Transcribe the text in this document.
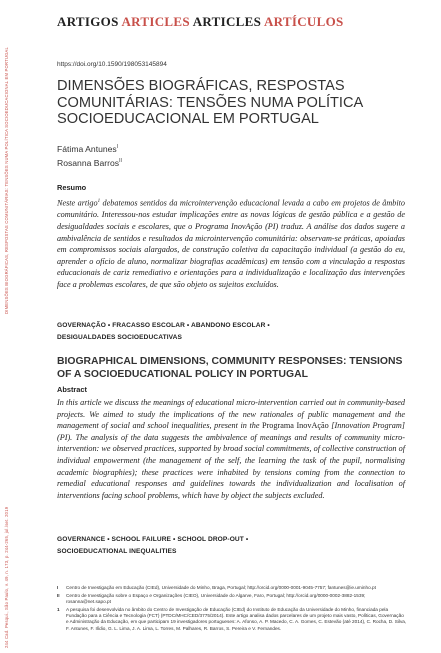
DIMENSÕES BIOGRÁFICAS, RESPOSTAS COMUNITÁRIAS: TENSÕES NUMA POLÍTICA SOCIOEDUCACIONAL EM PORTUGAL
244 Cad. Pesqui., São Paulo, v. 49, n. 173, p. 244-265, jul./set. 2019
ARTIGOS ARTICLES ARTICLES ARTÍCULOS
https://doi.org/10.1590/198053145894
DIMENSÕES BIOGRÁFICAS, RESPOSTAS COMUNITÁRIAS: TENSÕES NUMA POLÍTICA SOCIOEDUCACIONAL EM PORTUGAL
Fátima Antunes$^I$
Rosanna Barros$^{II}$
Resumo

Neste artigo$^1$ debatemos sentidos da microintervenção educacional levada a cabo em projetos de âmbito comunitário. Interessou-nos estudar implicações entre as novas lógicas de gestão pública e a gestão de desigualdades sociais e escolares, que o Programa InovAção (PI) traduz. A análise dos dados sugere a ambivalência de sentidos e resultados da microintervenção comunitária: observam-se práticas, apoiadas em compromissos sociais alargados, de construção coletiva da capacitação individual (a gestão do eu, aprender o ofício de aluno, normalizar biografias acadêmicas) em tensão com a vinculação a respostas educacionais de cariz remediativo e orientações para a individualização e localização das intervenções face a problemas escolares, de que são objeto os sujeitos excluídos.

GOVERNAÇÃO • FRACASSO ESCOLAR • ABANDONO ESCOLAR •
DESIGUALDADES SOCIOEDUCATIVAS
BIOGRAPHICAL DIMENSIONS, COMMUNITY RESPONSES: TENSIONS OF A SOCIOEDUCATIONAL POLICY IN PORTUGAL
Abstract

In this article we discuss the meanings of educational micro-intervention carried out in community-based projects. We aimed to study the implications of the new rationales of public management and the management of social and school inequalities, present in the Programa InovAção [Innovation Program] (PI). The analysis of the data suggests the ambivalence of meanings and results of community micro-intervention: we observed practices, supported by broad social commitments, of collective construction of individual empowerment (the management of the self, the learning the task of the pupil, normalising academic biographies); these practices were inhabited by tensions coming from the connection to remedial educational responses and guidelines towards the individualization and localisation of interventions facing school problems, which have by object the subjects excluded.

GOVERNANCE • SCHOOL FAILURE • SCHOOL DROP-OUT •
SOCIOEDUCATIONAL INEQUALITIES
I	Centro de Investigação em Educação (CIEd), Universidade do Minho, Braga, Portugal; http://orcid.org/0000-0001-9045-7757; fantunes@ie.uminho.pt
II	Centro de Investigação sobre o Espaço e Organizações (CIEO), Universidade do Algarve, Faro, Portugal; http://orcid.org/0000-0002-3882-1539; rosanna@net.sapo.pt
1	A pesquisa foi desenvolvida no âmbito do Centro de Investigação de Educação (CIEd) do Instituto de Educação da Universidade do Minho, financiada pela Fundação para a Ciência e Tecnologia (FCT) (PTDC/MHC/CED/3775/2014). Este artigo analisa dados parcelares de um projeto mais vasto, Políticas, Governação e Administração da Educação, em que participam 19 investigadores portugueses: A. Afonso, A. P. Macedo, C. A. Gomes, C. Estevão (até 2014), C. Rocha, D. Silva, F. Antunes, F. Ilídio, G. L. Lima, J. A. Lima, L. Torres, M. Palhares, R. Barros, S. Pereira e V. Fernandes.
